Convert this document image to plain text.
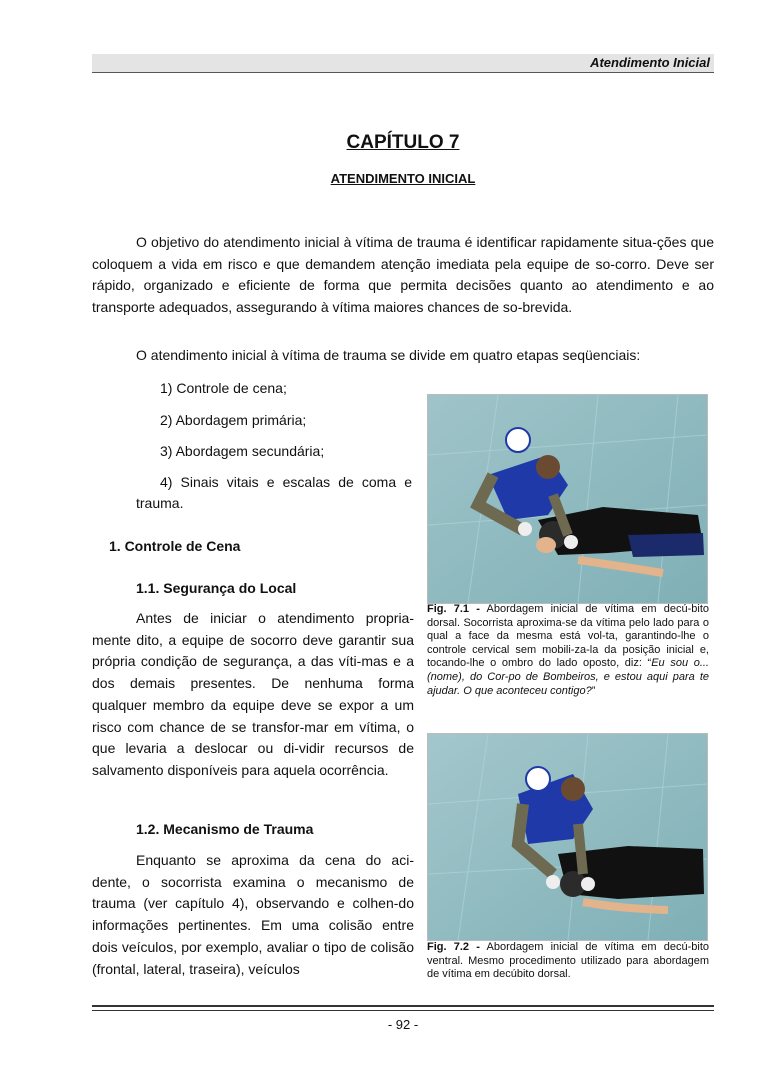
Atendimento Inicial
CAPÍTULO 7
ATENDIMENTO INICIAL

O objetivo do atendimento inicial à vítima de trauma é identificar rapidamente situa-ções que coloquem a vida em risco e que demandem atenção imediata pela equipe de so-corro. Deve ser rápido, organizado e eficiente de forma que permita decisões quanto ao atendimento e ao transporte adequados, assegurando à vítima maiores chances de so-brevida.

O atendimento inicial à vítima de trauma se divide em quatro etapas seqüenciais:

1) Controle de cena;
2) Abordagem primária;
3) Abordagem secundária;
4) Sinais vitais e escalas de coma e trauma.
1. Controle de Cena
1.1. Segurança do Local

Antes de iniciar o atendimento propria-mente dito, a equipe de socorro deve garantir sua própria condição de segurança, a das víti-mas e a dos demais presentes. De nenhuma forma qualquer membro da equipe deve se expor a um risco com chance de se transfor-mar em vítima, o que levaria a deslocar ou di-vidir recursos de salvamento disponíveis para aquela ocorrência.

1.2. Mecanismo de Trauma

Enquanto se aproxima da cena do aci-dente, o socorrista examina o mecanismo de trauma (ver capítulo 4), observando e colhen-do informações pertinentes. Em uma colisão entre dois veículos, por exemplo, avaliar o tipo de colisão (frontal, lateral, traseira), veículos

Fig. 7.1 - Abordagem inicial de vítima em decú-bito dorsal. Socorrista aproxima-se da vítima pelo lado para o qual a face da mesma está vol-ta, garantindo-lhe o controle cervical sem mobili-za-la da posição inicial e, tocando-lhe o ombro do lado oposto, diz: “Eu sou o... (nome), do Cor-po de Bombeiros, e estou aqui para te ajudar. O que aconteceu contigo?”

Fig. 7.2 - Abordagem inicial de vítima em decú-bito ventral. Mesmo procedimento utilizado para abordagem de vítima em decúbito dorsal.

- 92 -
